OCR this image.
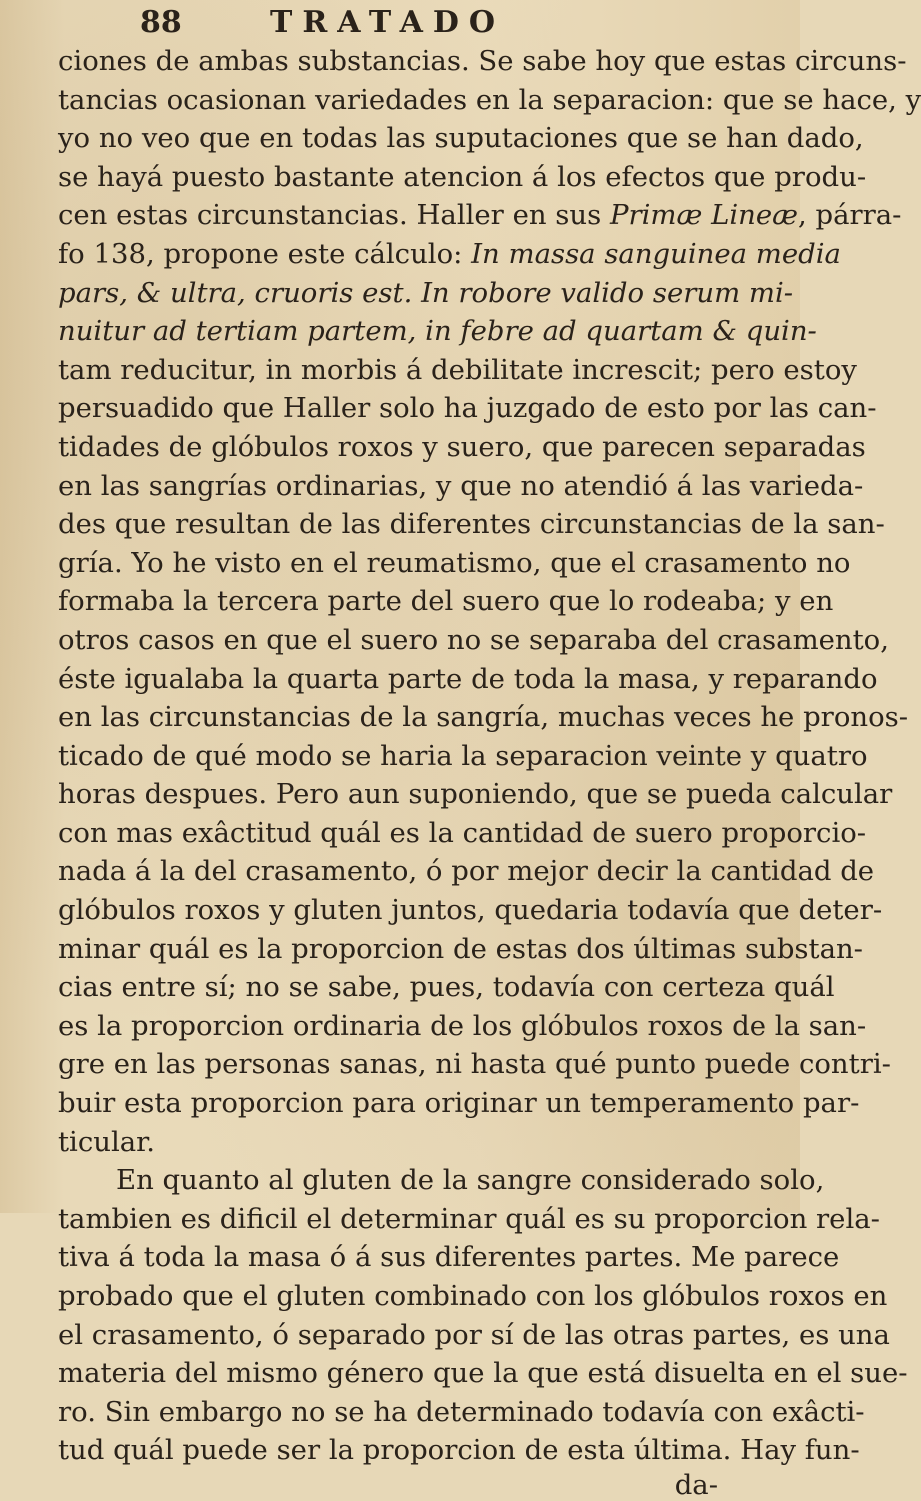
88	TRATADO
ciones de ambas substancias. Se sabe hoy que estas circuns-
tancias ocasionan variedades en la separacion: que se hace, y
yo no veo que en todas las suputaciones que se han dado,
se hayá puesto bastante atencion á los efectos que produ-
cen estas circunstancias. Haller en sus Primæ Lineæ, párra-
fo 138, propone este cálculo: In massa sanguinea media
pars, & ultra, cruoris est. In robore valido serum mi-
nuitur ad tertiam partem, in febre ad quartam & quin-
tam reducitur, in morbis á debilitate increscit; pero estoy
persuadido que Haller solo ha juzgado de esto por las can-
tidades de glóbulos roxos y suero, que parecen separadas
en las sangrías ordinarias, y que no atendió á las varieda-
des que resultan de las diferentes circunstancias de la san-
gría. Yo he visto en el reumatismo, que el crasamento no
formaba la tercera parte del suero que lo rodeaba; y en
otros casos en que el suero no se separaba del crasamento,
éste igualaba la quarta parte de toda la masa, y reparando
en las circunstancias de la sangría, muchas veces he pronos-
ticado de qué modo se haria la separacion veinte y quatro
horas despues. Pero aun suponiendo, que se pueda calcular
con mas exâctitud quál es la cantidad de suero proporcio-
nada á la del crasamento, ó por mejor decir la cantidad de
glóbulos roxos y gluten juntos, quedaria todavía que deter-
minar quál es la proporcion de estas dos últimas substan-
cias entre sí; no se sabe, pues, todavía con certeza quál
es la proporcion ordinaria de los glóbulos roxos de la san-
gre en las personas sanas, ni hasta qué punto puede contri-
buir esta proporcion para originar un temperamento par-
ticular.
En quanto al gluten de la sangre considerado solo,
tambien es dificil el determinar quál es su proporcion rela-
tiva á toda la masa ó á sus diferentes partes. Me parece
probado que el gluten combinado con los glóbulos roxos en
el crasamento, ó separado por sí de las otras partes, es una
materia del mismo género que la que está disuelta en el sue-
ro. Sin embargo no se ha determinado todavía con exâcti-
tud quál puede ser la proporcion de esta última. Hay fun-
da-
